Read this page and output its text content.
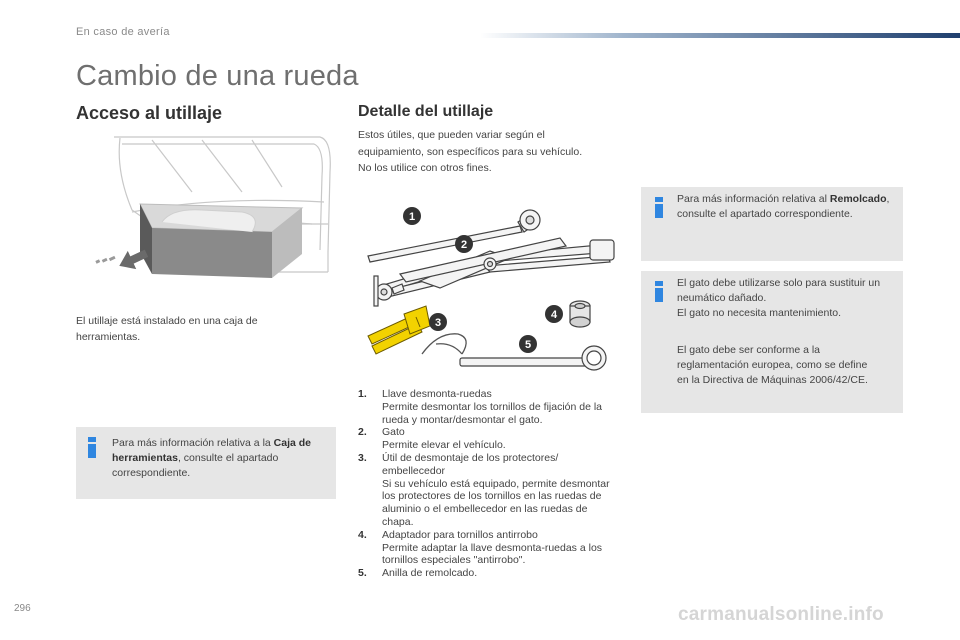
En caso de avería
Cambio de una rueda
Acceso al utillaje
El utillaje está instalado en una caja de herramientas.
Para más información relativa a la Caja de herramientas, consulte el apartado correspondiente.
Detalle del utillaje
Estos útiles, que pueden variar según el equipamiento, son específicos para su vehículo. No los utilice con otros fines.
1
2
3
4
5
1. Llave desmonta-ruedas
Permite desmontar los tornillos de fijación de la rueda y montar/desmontar el gato.
2. Gato
Permite elevar el vehículo.
3. Útil de desmontaje de los protectores/ embellecedor
Si su vehículo está equipado, permite desmontar los protectores de los tornillos en las ruedas de aluminio o el embellecedor en las ruedas de chapa.
4. Adaptador para tornillos antirrobo
Permite adaptar la llave desmonta-ruedas a los tornillos especiales "antirrobo".
5. Anilla de remolcado.
Para más información relativa al Remolcado, consulte el apartado correspondiente.
El gato debe utilizarse solo para sustituir un neumático dañado.
El gato no necesita mantenimiento.
El gato debe ser conforme a la reglamentación europea, como se define en la Directiva de Máquinas 2006/42/CE.
296	carmanualsonline.info
